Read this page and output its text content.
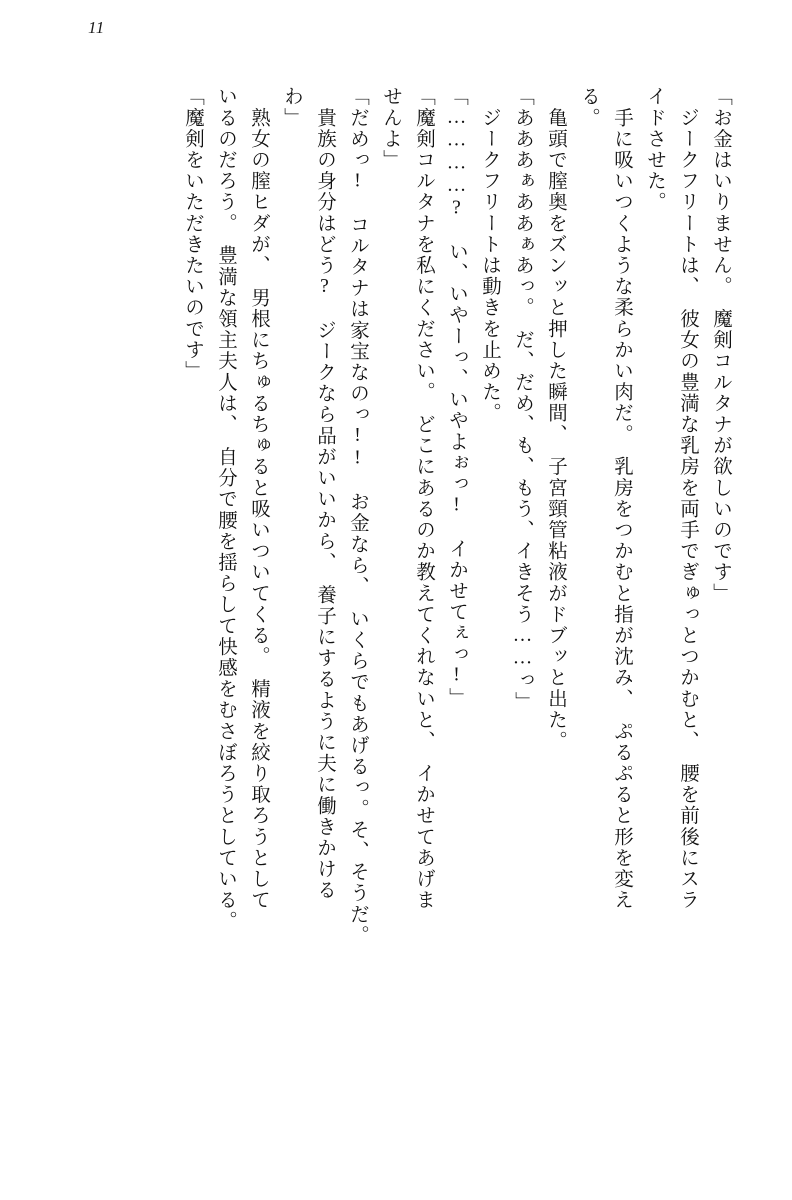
11
「お金はいりません。　魔剣コルタナが欲しいのです」
　ジークフリートは、　彼女の豊満な乳房を両手でぎゅっとつかむと、　腰を前後にスラ
イドさせた。
　手に吸いつくような柔らかい肉だ。　乳房をつかむと指が沈み、　ぷるぷると形を変え
る。
　亀頭で膣奥をズンッと押した瞬間、　子宮頸管粘液がドブッと出た。
「あああぁああぁあっ。　だ、だめ、も、もう、イきそう……っ」
　ジークフリートは動きを止めた。
「…………?　い、いやーっ、いやよぉっ!　イかせてぇっ!」
「魔剣コルタナを私にください。　どこにあるのか教えてくれないと、　イかせてあげま
せんよ」
「だめっ!　コルタナは家宝なのっ!!　お金なら、　いくらでもあげるっ。そ、そうだ。
　貴族の身分はどう?　ジークなら品がいいから、　養子にするように夫に働きかける
わ」
　熟女の膣ヒダが、　男根にちゅるちゅると吸いついてくる。　精液を絞り取ろうとして
いるのだろう。　豊満な領主夫人は、　自分で腰を揺らして快感をむさぼろうとしている。
「魔剣をいただきたいのです」
